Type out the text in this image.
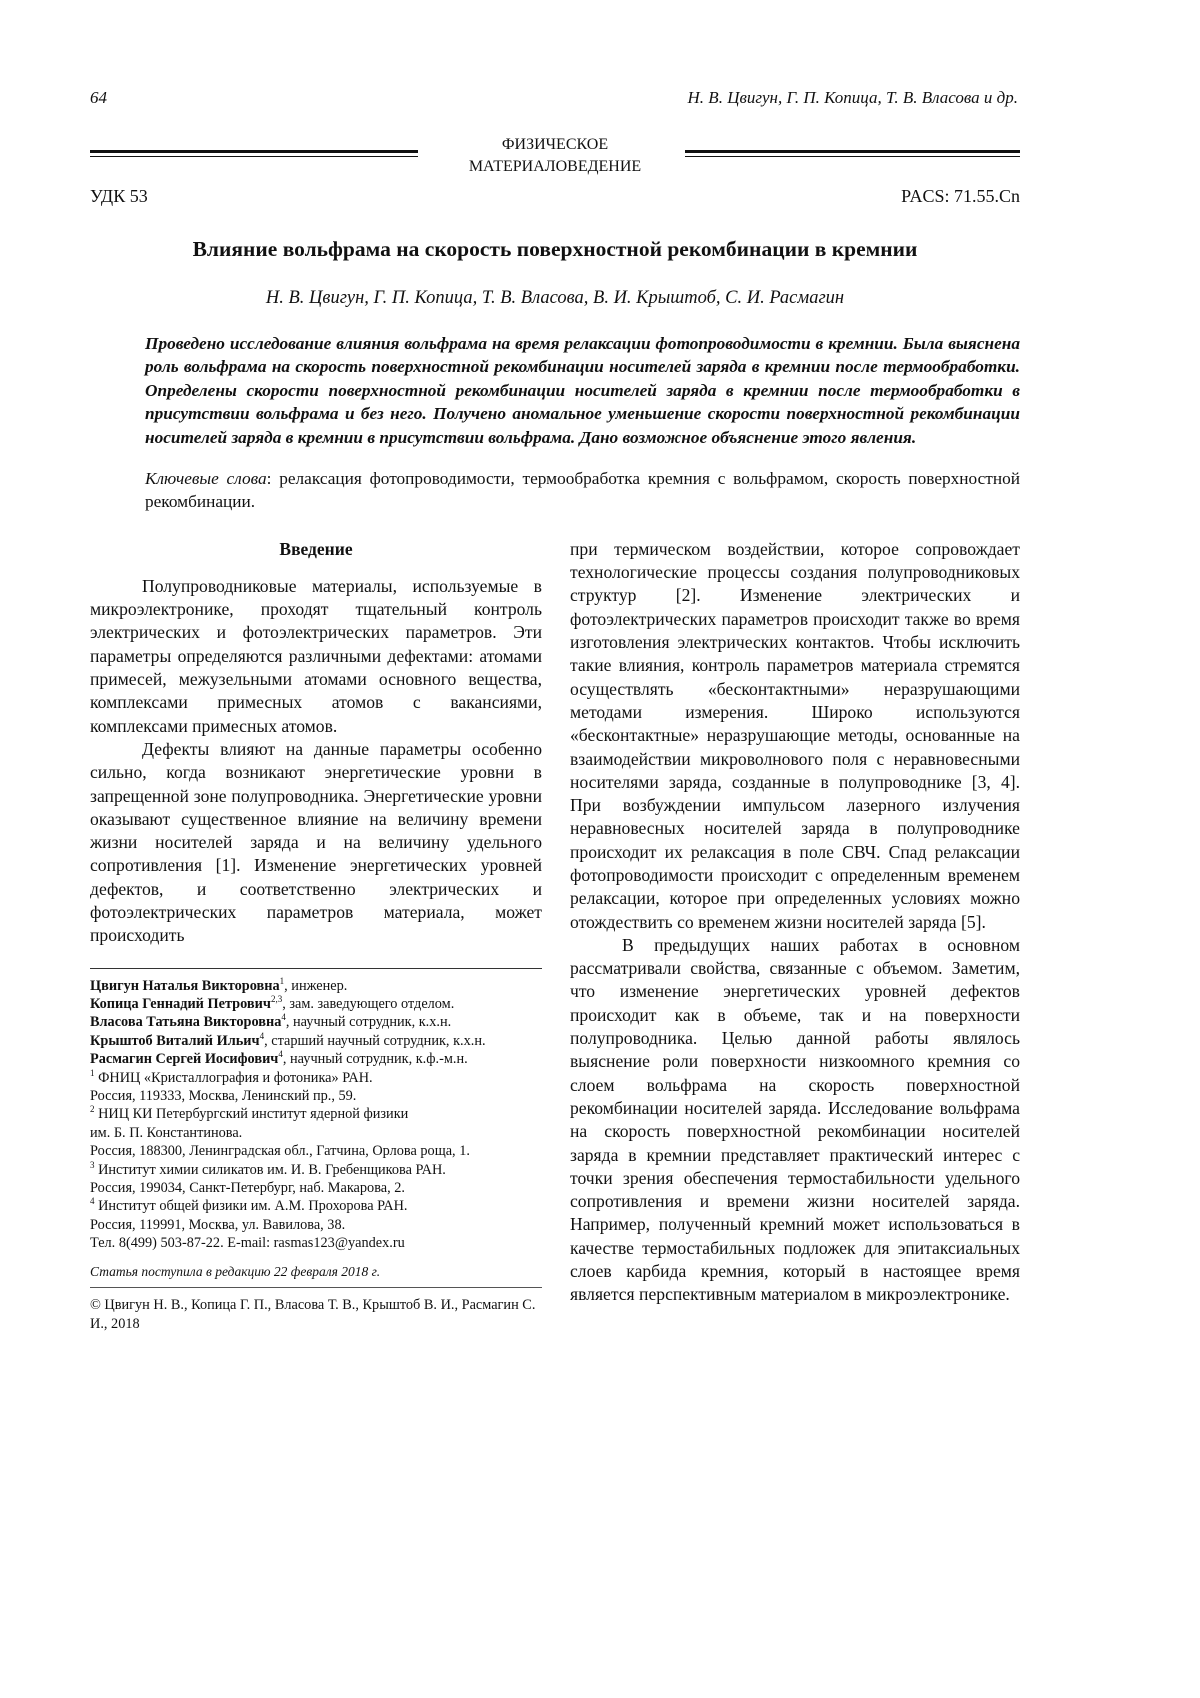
64	Н. В. Цвигун, Г. П. Копица, Т. В. Власова и др.
ФИЗИЧЕСКОЕ
МАТЕРИАЛОВЕДЕНИЕ
УДК 53	PACS: 71.55.Cn
Влияние вольфрама на скорость поверхностной рекомбинации в кремнии
Н. В. Цвигун, Г. П. Копица, Т. В. Власова, В. И. Крыштоб, С. И. Расмагин
Проведено исследование влияния вольфрама на время релаксации фотопроводимости в кремнии. Была выяснена роль вольфрама на скорость поверхностной рекомбинации носителей заряда в кремнии после термообработки. Определены скорости поверхностной рекомбинации носителей заряда в кремнии после термообработки в присутствии вольфрама и без него. Получено аномальное уменьшение скорости поверхностной рекомбинации носителей заряда в кремнии в присутствии вольфрама. Дано возможное объяснение этого явления.
Ключевые слова: релаксация фотопроводимости, термообработка кремния с вольфрамом, скорость поверхностной рекомбинации.
Введение

Полупроводниковые материалы, используемые в микроэлектронике, проходят тщательный контроль электрических и фотоэлектрических параметров. Эти параметры определяются различными дефектами: атомами примесей, межузельными атомами основного вещества, комплексами примесных атомов с вакансиями, комплексами примесных атомов.

Дефекты влияют на данные параметры особенно сильно, когда возникают энергетические уровни в запрещенной зоне полупроводника. Энергетические уровни оказывают существенное влияние на величину времени жизни носителей заряда и на величину удельного сопротивления [1]. Изменение энергетических уровней дефектов, и соответственно электрических и фотоэлектрических параметров материала, может происходить

Цвигун Наталья Викторовна1, инженер.
Копица Геннадий Петрович2,3, зам. заведующего отделом.
Власова Татьяна Викторовна4, научный сотрудник, к.х.н.
Крыштоб Виталий Ильич4, старший научный сотрудник, к.х.н.
Расмагин Сергей Иосифович4, научный сотрудник, к.ф.-м.н.
1 ФНИЦ «Кристаллография и фотоника» РАН.
Россия, 119333, Москва, Ленинский пр., 59.
2 НИЦ КИ Петербургский институт ядерной физики
им. Б. П. Константинова.
Россия, 188300, Ленинградская обл., Гатчина, Орлова роща, 1.
3 Институт химии силикатов им. И. В. Гребенщикова РАН.
Россия, 199034, Санкт-Петербург, наб. Макарова, 2.
4 Институт общей физики им. А.М. Прохорова РАН.
Россия, 119991, Москва, ул. Вавилова, 38.
Тел. 8(499) 503-87-22. E-mail: rasmas123@yandex.ru
Статья поступила в редакцию 22 февраля 2018 г.
© Цвигун Н. В., Копица Г. П., Власова Т. В., Крыштоб В. И., Расмагин С. И., 2018

при термическом воздействии, которое сопровождает технологические процессы создания полупроводниковых структур [2]. Изменение электрических и фотоэлектрических параметров происходит также во время изготовления электрических контактов. Чтобы исключить такие влияния, контроль параметров материала стремятся осуществлять «бесконтактными» неразрушающими методами измерения. Широко используются «бесконтактные» неразрушающие методы, основанные на взаимодействии микроволнового поля с неравновесными носителями заряда, созданные в полупроводнике [3, 4]. При возбуждении импульсом лазерного излучения неравновесных носителей заряда в полупроводнике происходит их релаксация в поле СВЧ. Спад релаксации фотопроводимости происходит с определенным временем релаксации, которое при определенных условиях можно отождествить со временем жизни носителей заряда [5].

В предыдущих наших работах в основном рассматривали свойства, связанные с объемом. Заметим, что изменение энергетических уровней дефектов происходит как в объеме, так и на поверхности полупроводника. Целью данной работы являлось выяснение роли поверхности низкоомного кремния со слоем вольфрама на скорость поверхностной рекомбинации носителей заряда. Исследование вольфрама на скорость поверхностной рекомбинации носителей заряда в кремнии представляет практический интерес с точки зрения обеспечения термостабильности удельного сопротивления и времени жизни носителей заряда. Например, полученный кремний может использоваться в качестве термостабильных подложек для эпитаксиальных слоев карбида кремния, который в настоящее время является перспективным материалом в микроэлектронике.
